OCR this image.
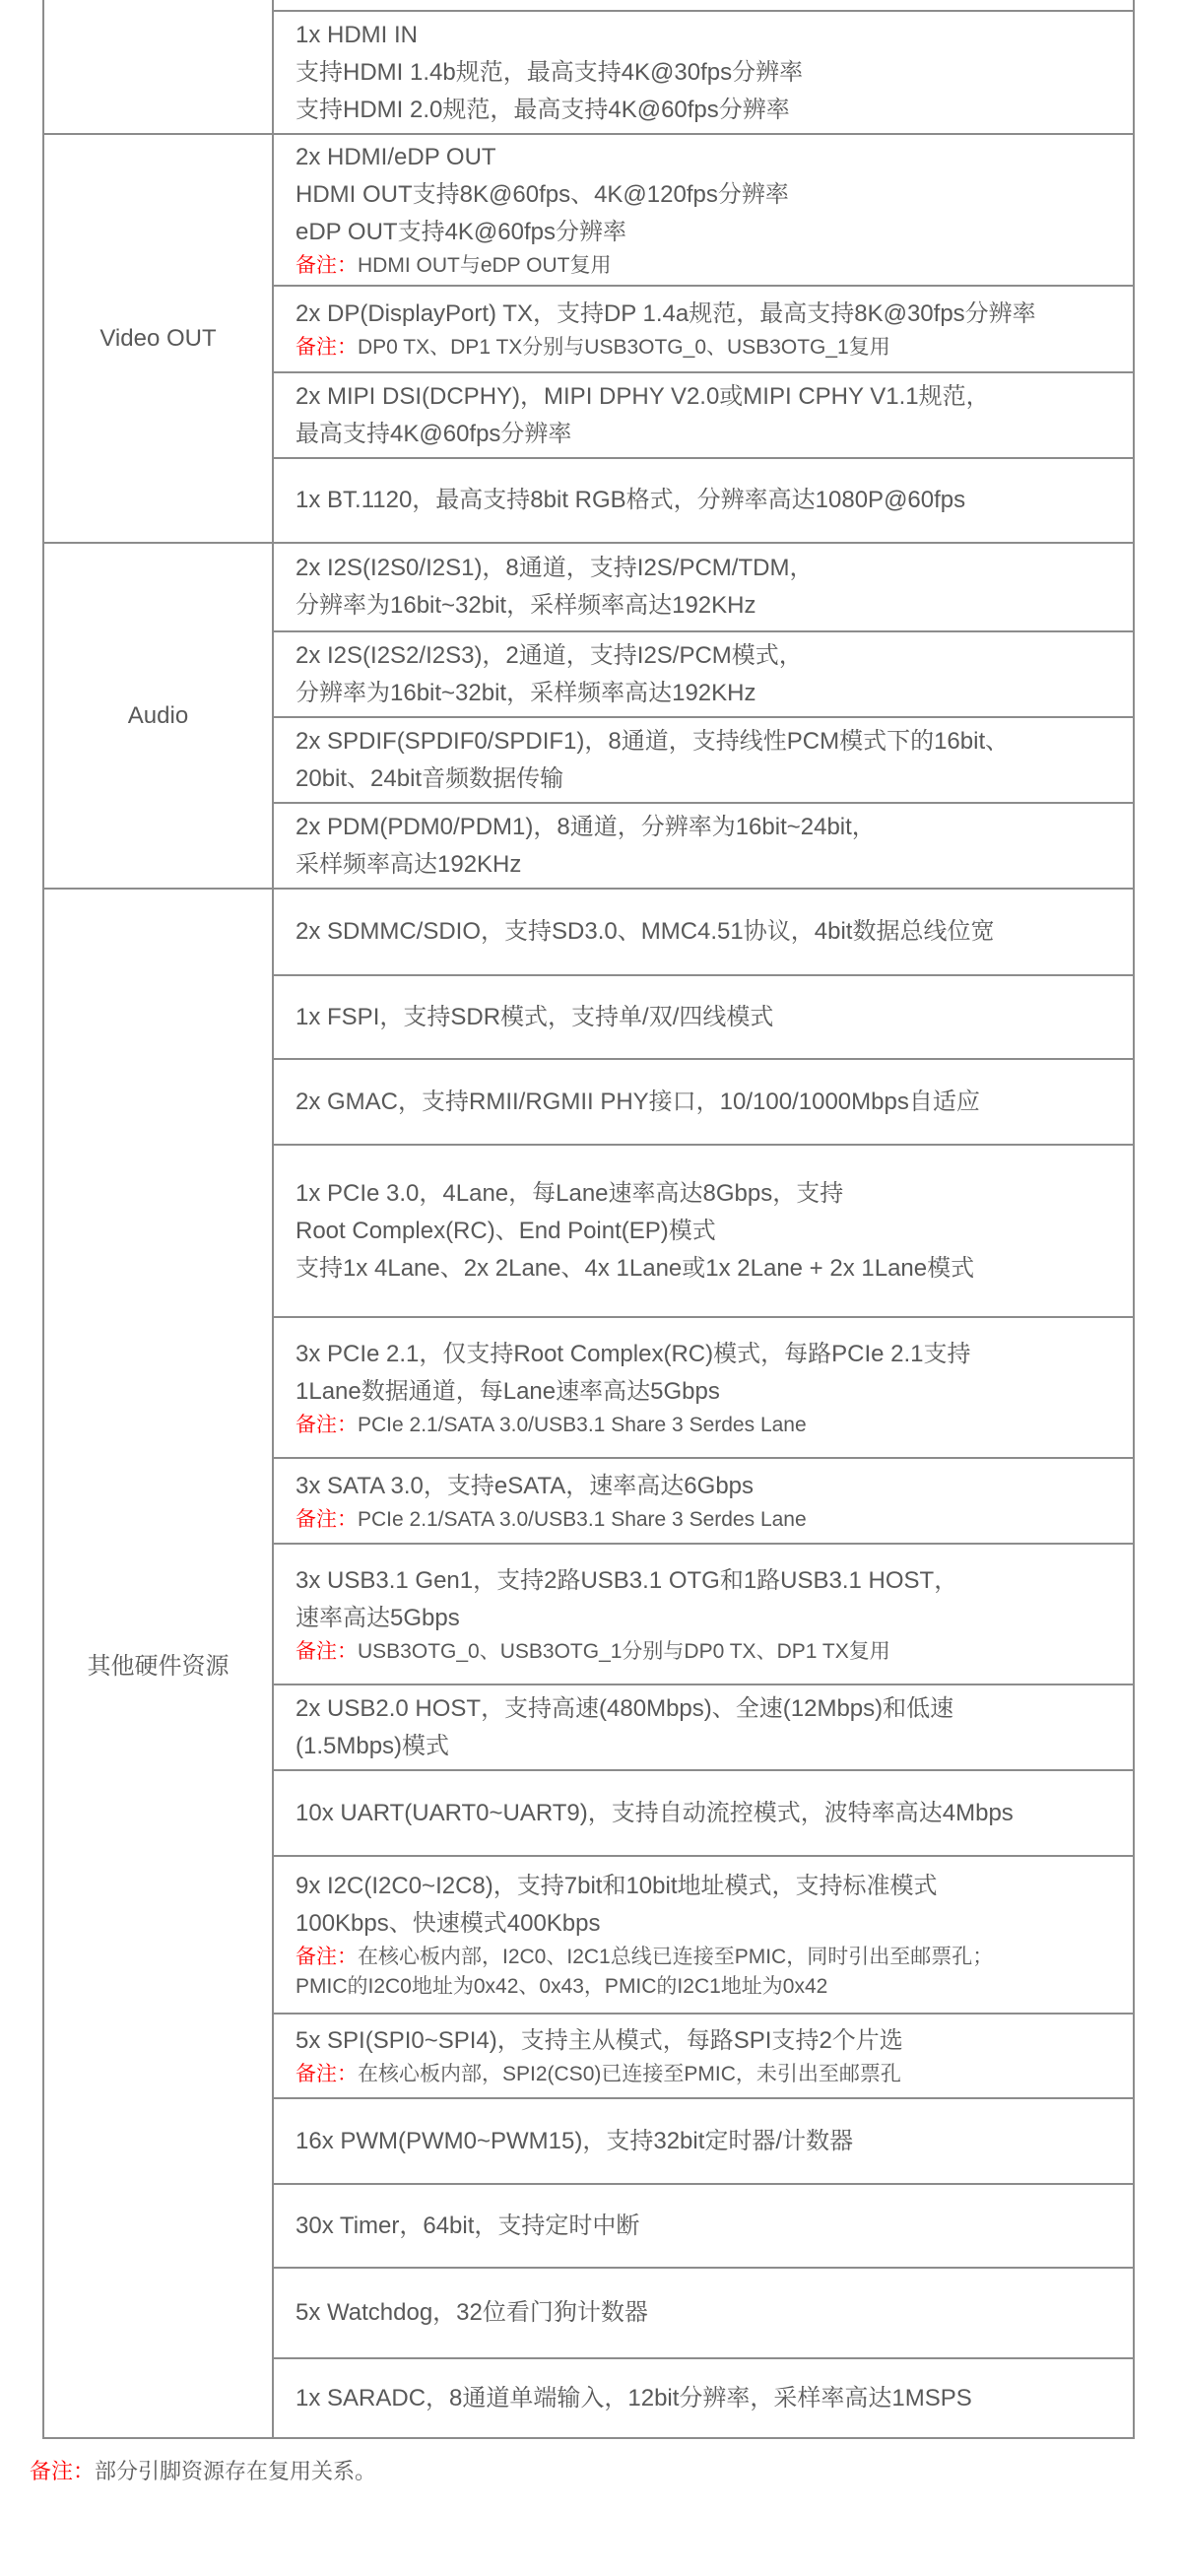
1x HDMI IN
支持HDMI 1.4b规范，最高支持4K@30fps分辨率
支持HDMI 2.0规范，最高支持4K@60fps分辨率
Video OUT
2x HDMI/eDP OUT
HDMI OUT支持8K@60fps、4K@120fps分辨率
eDP OUT支持4K@60fps分辨率
备注：HDMI OUT与eDP OUT复用
2x DP(DisplayPort) TX，支持DP 1.4a规范，最高支持8K@30fps分辨率
备注：DP0 TX、DP1 TX分别与USB3OTG_0、USB3OTG_1复用
2x MIPI DSI(DCPHY)，MIPI DPHY V2.0或MIPI CPHY V1.1规范，
最高支持4K@60fps分辨率
1x BT.1120，最高支持8bit RGB格式，分辨率高达1080P@60fps
Audio
2x I2S(I2S0/I2S1)，8通道，支持I2S/PCM/TDM，
分辨率为16bit~32bit，采样频率高达192KHz
2x I2S(I2S2/I2S3)，2通道，支持I2S/PCM模式，
分辨率为16bit~32bit，采样频率高达192KHz
2x SPDIF(SPDIF0/SPDIF1)，8通道，支持线性PCM模式下的16bit、
20bit、24bit音频数据传输
2x PDM(PDM0/PDM1)，8通道，分辨率为16bit~24bit，
采样频率高达192KHz
其他硬件资源
2x SDMMC/SDIO，支持SD3.0、MMC4.51协议，4bit数据总线位宽
1x FSPI，支持SDR模式，支持单/双/四线模式
2x GMAC，支持RMII/RGMII PHY接口，10/100/1000Mbps自适应
1x PCIe 3.0，4Lane，每Lane速率高达8Gbps，支持
Root Complex(RC)、End Point(EP)模式
支持1x 4Lane、2x 2Lane、4x 1Lane或1x 2Lane + 2x 1Lane模式
3x PCIe 2.1，仅支持Root Complex(RC)模式，每路PCIe 2.1支持
1Lane数据通道，每Lane速率高达5Gbps
备注：PCIe 2.1/SATA 3.0/USB3.1 Share 3 Serdes Lane
3x SATA 3.0，支持eSATA，速率高达6Gbps
备注：PCIe 2.1/SATA 3.0/USB3.1 Share 3 Serdes Lane
3x USB3.1 Gen1，支持2路USB3.1 OTG和1路USB3.1 HOST，
速率高达5Gbps
备注：USB3OTG_0、USB3OTG_1分别与DP0 TX、DP1 TX复用
2x USB2.0 HOST，支持高速(480Mbps)、全速(12Mbps)和低速
(1.5Mbps)模式
10x UART(UART0~UART9)，支持自动流控模式，波特率高达4Mbps
9x I2C(I2C0~I2C8)，支持7bit和10bit地址模式，支持标准模式
100Kbps、快速模式400Kbps
备注：在核心板内部，I2C0、I2C1总线已连接至PMIC，同时引出至邮票孔；
PMIC的I2C0地址为0x42、0x43，PMIC的I2C1地址为0x42
5x SPI(SPI0~SPI4)，支持主从模式，每路SPI支持2个片选
备注：在核心板内部，SPI2(CS0)已连接至PMIC，未引出至邮票孔
16x PWM(PWM0~PWM15)，支持32bit定时器/计数器
30x Timer，64bit，支持定时中断
5x Watchdog，32位看门狗计数器
1x SARADC，8通道单端输入，12bit分辨率，采样率高达1MSPS
备注：部分引脚资源存在复用关系。
